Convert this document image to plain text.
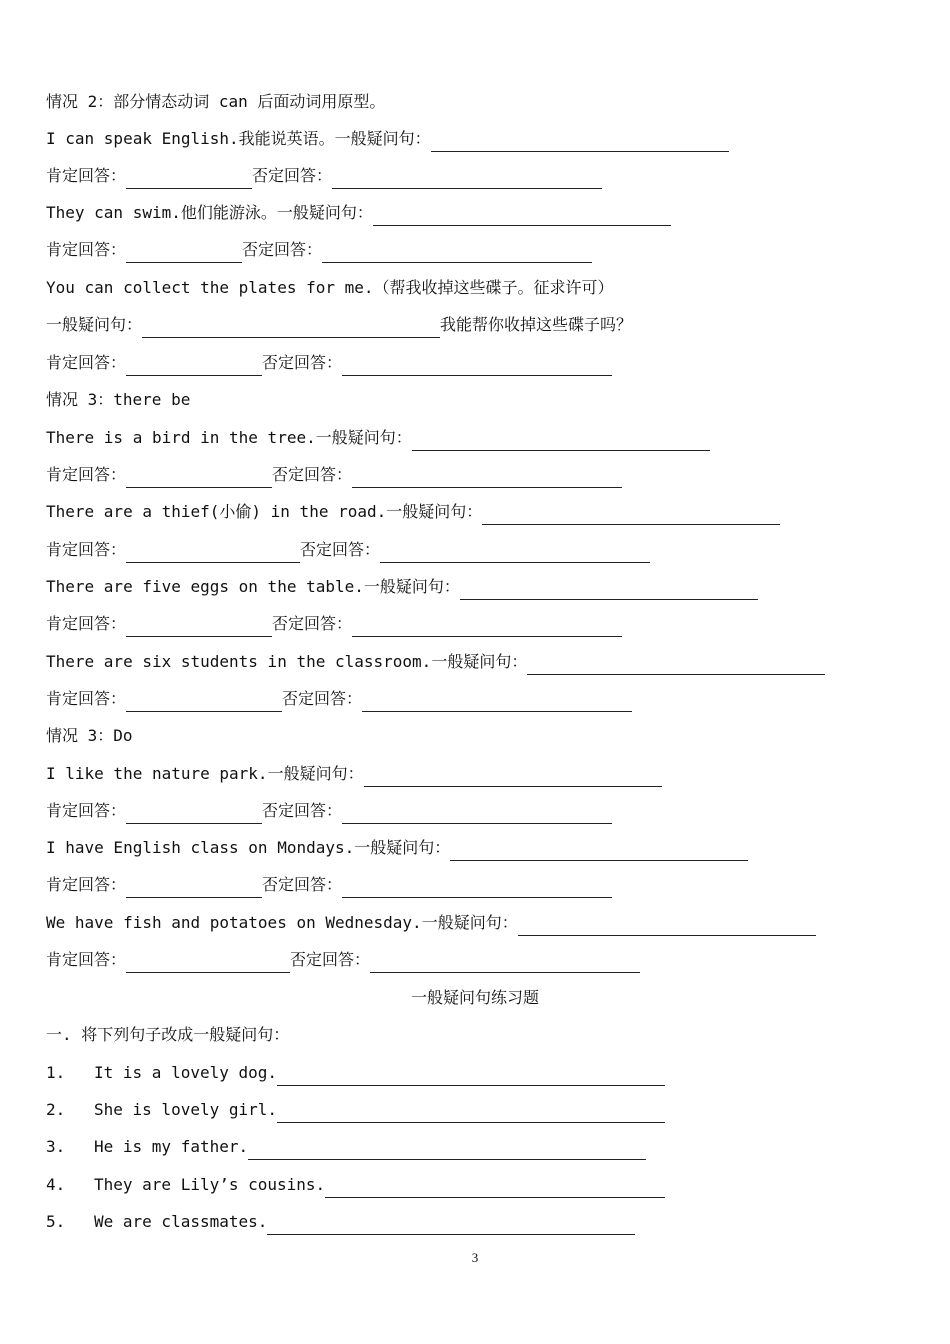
情况 2：部分情态动词 can 后面动词用原型。
I can speak English.我能说英语。一般疑问句：
肯定回答：	否定回答：
They can swim.他们能游泳。一般疑问句：
肯定回答：	否定回答：
You can collect the plates for me.（帮我收掉这些碟子。征求许可）
一般疑问句：	我能帮你收掉这些碟子吗？
肯定回答：	否定回答：
情况 3：there be
There is a bird in the tree.一般疑问句：
肯定回答：	否定回答：
There are a thief(小偷) in the road.一般疑问句：
肯定回答：	否定回答：
There are five eggs on the table.一般疑问句：
肯定回答：	否定回答：
There are six students in the classroom.一般疑问句：
肯定回答：	否定回答：
情况 3：Do
I like the nature park.一般疑问句：
肯定回答：	否定回答：
I have English class on Mondays.一般疑问句：
肯定回答：	否定回答：
We have fish and potatoes on Wednesday.一般疑问句：
肯定回答：	否定回答：
一般疑问句练习题
一. 将下列句子改成一般疑问句：
1. It is a lovely dog.
2. She is lovely girl.
3. He is my father.
4. They are Lily’s cousins.
5. We are classmates.
3
